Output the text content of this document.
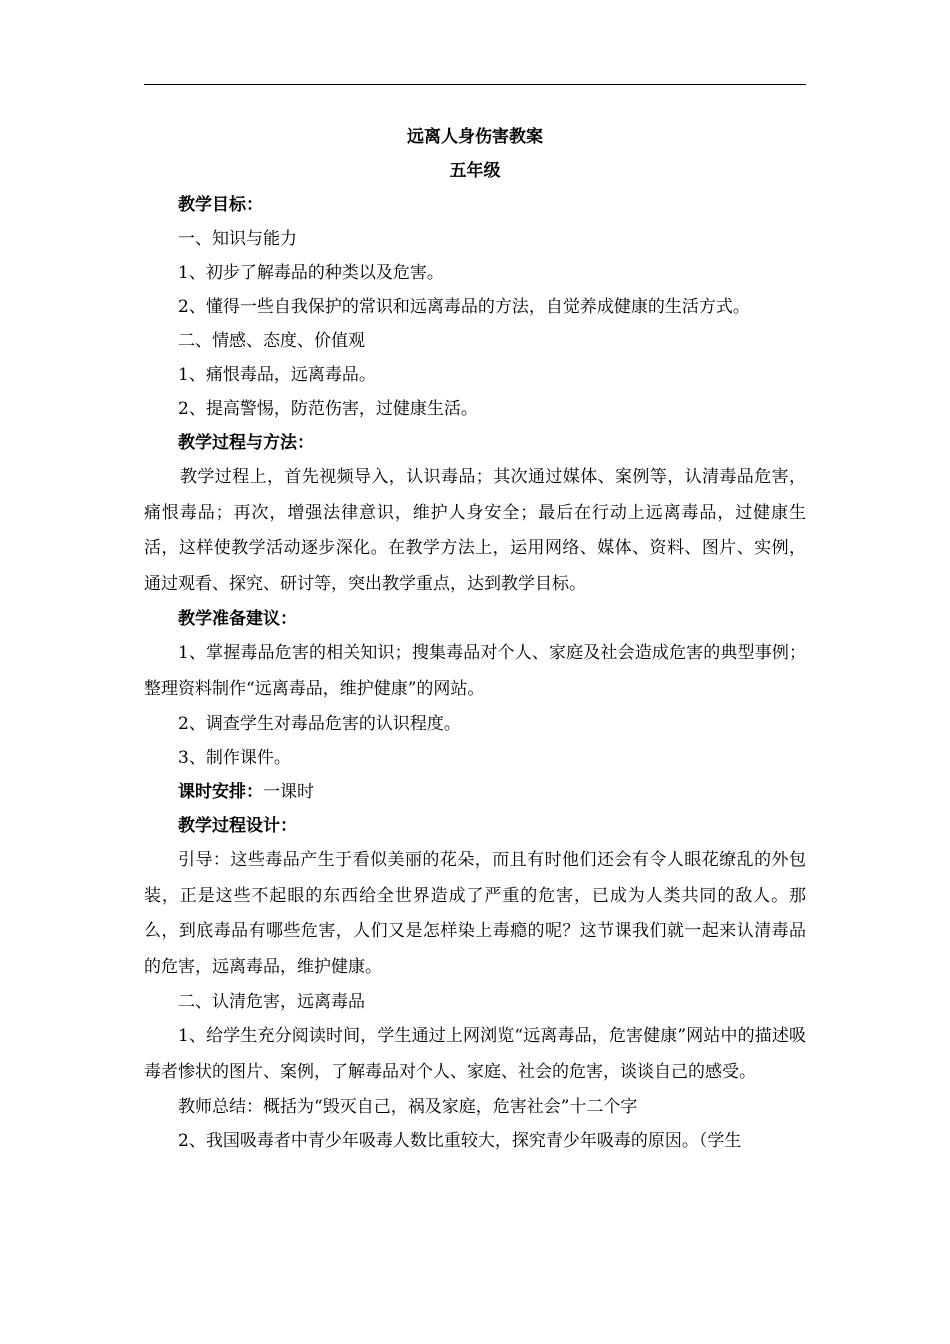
远离人身伤害教案

五年级

教学目标：

一、知识与能力

1、初步了解毒品的种类以及危害。

2、懂得一些自我保护的常识和远离毒品的方法，自觉养成健康的生活方式。

二、情感、态度、价值观

1、痛恨毒品，远离毒品。

2、提高警惕，防范伤害，过健康生活。

教学过程与方法：

教学过程上，首先视频导入，认识毒品；其次通过媒体、案例等，认清毒品危害，痛恨毒品；再次，增强法律意识，维护人身安全；最后在行动上远离毒品，过健康生活，这样使教学活动逐步深化。在教学方法上，运用网络、媒体、资料、图片、实例，通过观看、探究、研讨等，突出教学重点，达到教学目标。

教学准备建议：

1、掌握毒品危害的相关知识；搜集毒品对个人、家庭及社会造成危害的典型事例；整理资料制作“远离毒品，维护健康”的网站。

2、调查学生对毒品危害的认识程度。

3、制作课件。

课时安排：一课时

教学过程设计：

引导：这些毒品产生于看似美丽的花朵，而且有时他们还会有令人眼花缭乱的外包装，正是这些不起眼的东西给全世界造成了严重的危害，已成为人类共同的敌人。那么，到底毒品有哪些危害，人们又是怎样染上毒瘾的呢？这节课我们就一起来认清毒品的危害，远离毒品，维护健康。

二、认清危害，远离毒品

1、给学生充分阅读时间，学生通过上网浏览“远离毒品，危害健康”网站中的描述吸毒者惨状的图片、案例，了解毒品对个人、家庭、社会的危害，谈谈自己的感受。

教师总结：概括为“毁灭自己，祸及家庭，危害社会”十二个字

2、我国吸毒者中青少年吸毒人数比重较大，探究青少年吸毒的原因。（学生
